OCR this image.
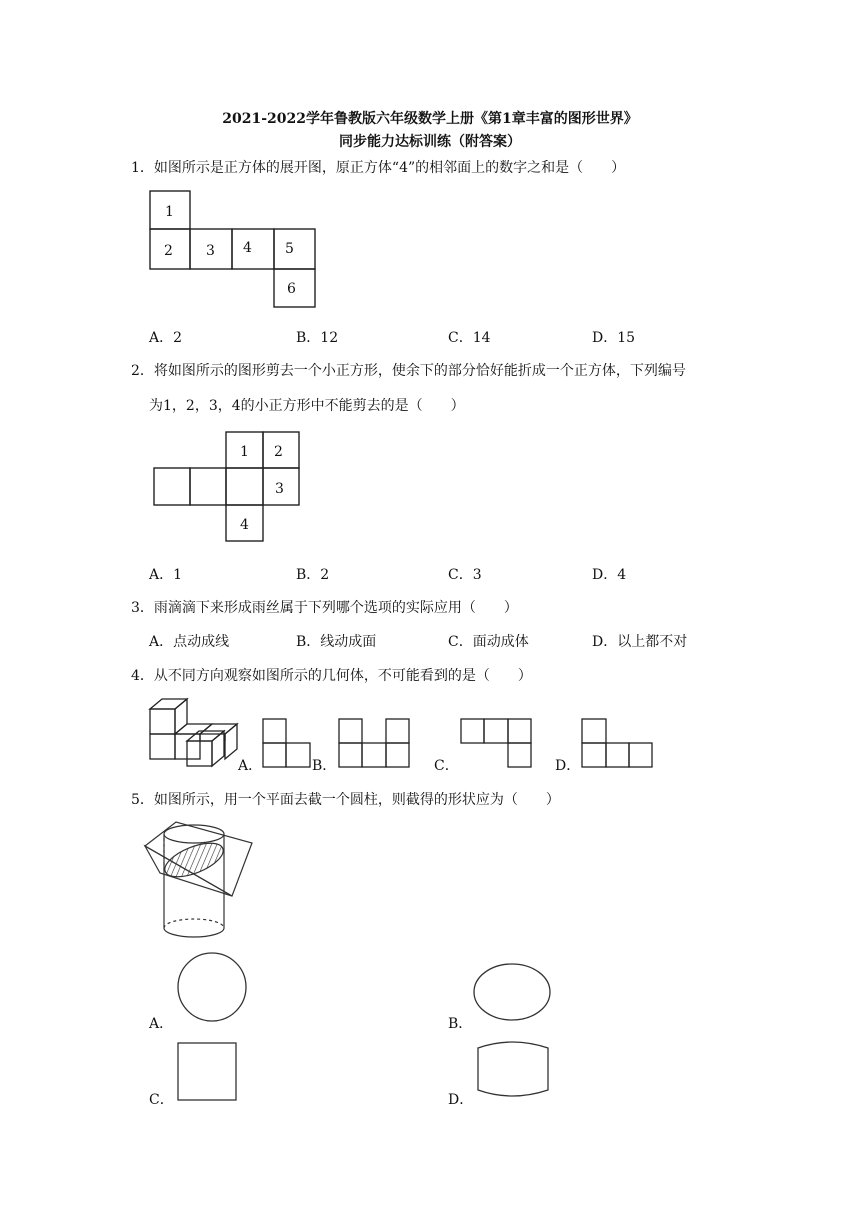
2021-2022学年鲁教版六年级数学上册《第1章丰富的图形世界》
同步能力达标训练（附答案）
1．如图所示是正方体的展开图，原正方体“4”的相邻面上的数字之和是（　　）
1
2 3 4 5
6
A．2	B．12	C．14	D．15
2．将如图所示的图形剪去一个小正方形，使余下的部分恰好能折成一个正方体，下列编号
为1，2，3，4的小正方形中不能剪去的是（　　）
1 2
3
4
A．1	B．2	C．3	D．4
3．雨滴滴下来形成雨丝属于下列哪个选项的实际应用（　　）
A．点动成线	B．线动成面	C．面动成体	D．以上都不对
4．从不同方向观察如图所示的几何体，不可能看到的是（　　）
A．	B．	C．	D．
5．如图所示，用一个平面去截一个圆柱，则截得的形状应为（　　）
A．	B．
C．	D．
